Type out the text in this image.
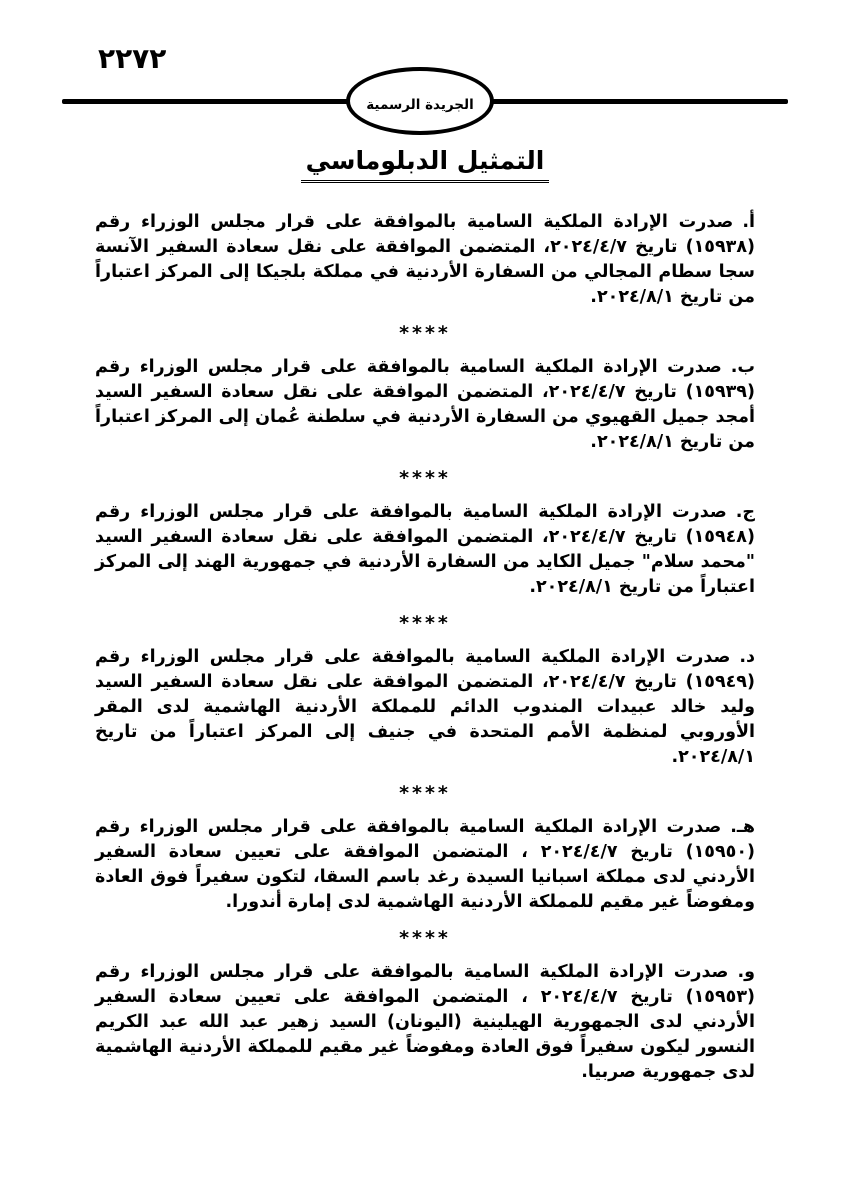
٢٢٧٢
الجريدة الرسمية
التمثيل الدبلوماسي

أ.صدرت الإرادة الملكية السامية بالموافقة على قرار مجلس الوزراء رقم (١٥٩٣٨) تاريخ ٢٠٢٤/٤/٧، المتضمن الموافقة على نقل سعادة السفير الآنسة سجا سطام المجالي من السفارة الأردنية في مملكة بلجيكا إلى المركز اعتباراً من تاريخ ٢٠٢٤/٨/١.

****

ب.صدرت الإرادة الملكية السامية بالموافقة على قرار مجلس الوزراء رقم (١٥٩٣٩) تاريخ ٢٠٢٤/٤/٧، المتضمن الموافقة على نقل سعادة السفير السيد أمجد جميل القهيوي من السفارة الأردنية في سلطنة عُمان إلى المركز اعتباراً من تاريخ ٢٠٢٤/٨/١.

****

ج.صدرت الإرادة الملكية السامية بالموافقة على قرار مجلس الوزراء رقم (١٥٩٤٨) تاريخ ٢٠٢٤/٤/٧، المتضمن الموافقة على نقل سعادة السفير السيد "محمد سلام" جميل الكايد من السفارة الأردنية في جمهورية الهند إلى المركز اعتباراً من تاريخ ٢٠٢٤/٨/١.

****

د.صدرت الإرادة الملكية السامية بالموافقة على قرار مجلس الوزراء رقم (١٥٩٤٩) تاريخ ٢٠٢٤/٤/٧، المتضمن الموافقة على نقل سعادة السفير السيد وليد خالد عبيدات المندوب الدائم للمملكة الأردنية الهاشمية لدى المقر الأوروبي لمنظمة الأمم المتحدة في جنيف إلى المركز اعتباراً من تاريخ ٢٠٢٤/٨/١.

****

هـ.صدرت الإرادة الملكية السامية بالموافقة على قرار مجلس الوزراء رقم (١٥٩٥٠) تاريخ ٢٠٢٤/٤/٧ ، المتضمن الموافقة على تعيين سعادة السفير الأردني لدى مملكة اسبانيا السيدة رغد باسم السقا، لتكون سفيراً فوق العادة ومفوضاً غير مقيم للمملكة الأردنية الهاشمية لدى إمارة أندورا.

****

و.صدرت الإرادة الملكية السامية بالموافقة على قرار مجلس الوزراء رقم (١٥٩٥٣) تاريخ ٢٠٢٤/٤/٧ ، المتضمن الموافقة على تعيين سعادة السفير الأردني لدى الجمهورية الهيلينية (اليونان) السيد زهير عبد الله عبد الكريم النسور ليكون سفيراً فوق العادة ومفوضاً غير مقيم للمملكة الأردنية الهاشمية لدى جمهورية صربيا.
